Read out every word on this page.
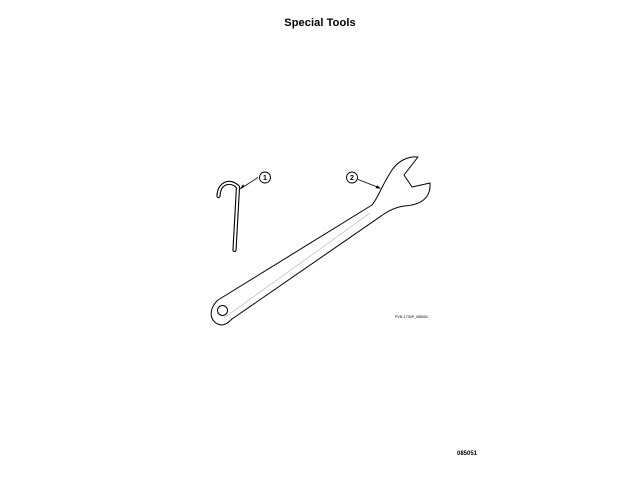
Special Tools
1	2
PVN-1730P_085051
085051
